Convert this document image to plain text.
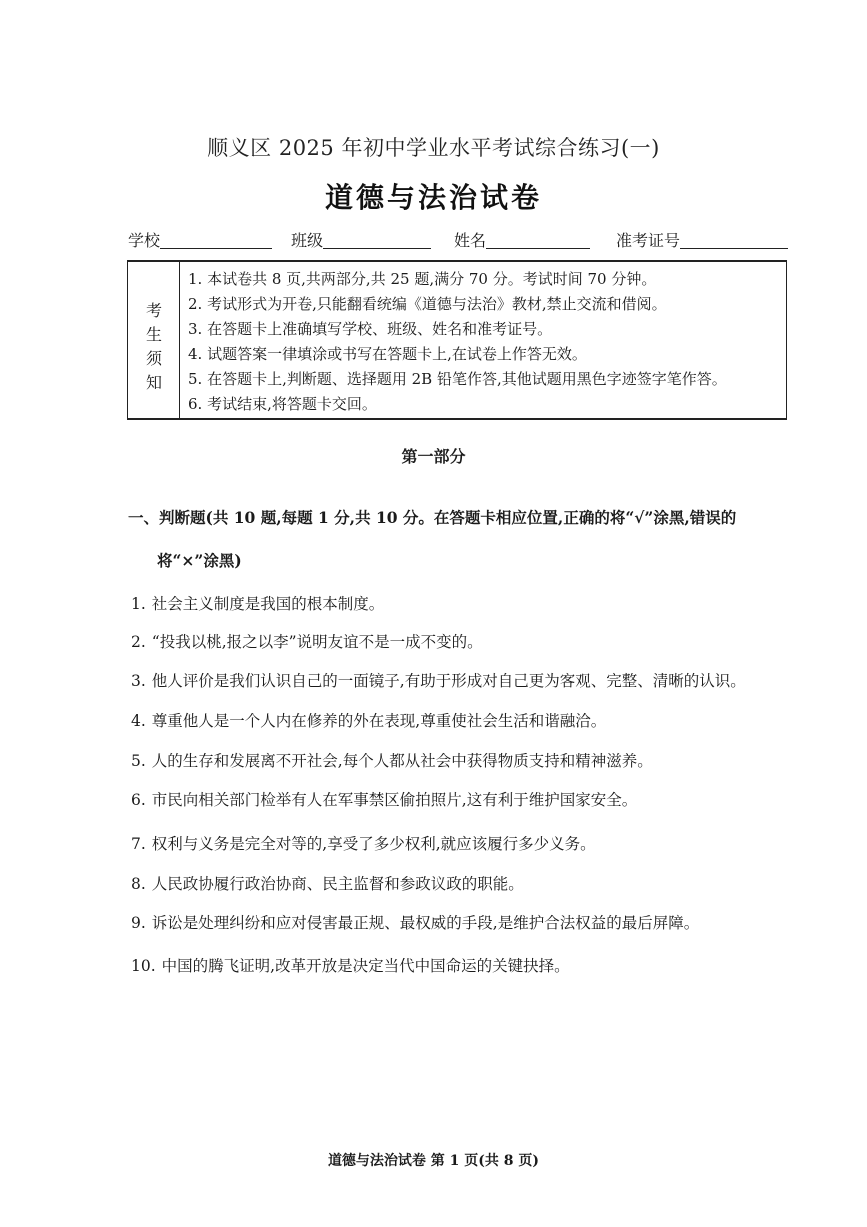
顺义区 2025 年初中学业水平考试综合练习(一)
道德与法治试卷
学校	班级	姓名	准考证号
考
生
须
知
1. 本试卷共 8 页,共两部分,共 25 题,满分 70 分。考试时间 70 分钟。
2. 考试形式为开卷,只能翻看统编《道德与法治》教材,禁止交流和借阅。
3. 在答题卡上准确填写学校、班级、姓名和准考证号。
4. 试题答案一律填涂或书写在答题卡上,在试卷上作答无效。
5. 在答题卡上,判断题、选择题用 2B 铅笔作答,其他试题用黑色字迹签字笔作答。
6. 考试结束,将答题卡交回。
第一部分
一、判断题(共 10 题,每题 1 分,共 10 分。在答题卡相应位置,正确的将“√”涂黑,错误的
将“×”涂黑)
1. 社会主义制度是我国的根本制度。
2. “投我以桃,报之以李”说明友谊不是一成不变的。
3. 他人评价是我们认识自己的一面镜子,有助于形成对自己更为客观、完整、清晰的认识。
4. 尊重他人是一个人内在修养的外在表现,尊重使社会生活和谐融洽。
5. 人的生存和发展离不开社会,每个人都从社会中获得物质支持和精神滋养。
6. 市民向相关部门检举有人在军事禁区偷拍照片,这有利于维护国家安全。
7. 权利与义务是完全对等的,享受了多少权利,就应该履行多少义务。
8. 人民政协履行政治协商、民主监督和参政议政的职能。
9. 诉讼是处理纠纷和应对侵害最正规、最权威的手段,是维护合法权益的最后屏障。
10. 中国的腾飞证明,改革开放是决定当代中国命运的关键抉择。
道德与法治试卷 第 1 页(共 8 页)
